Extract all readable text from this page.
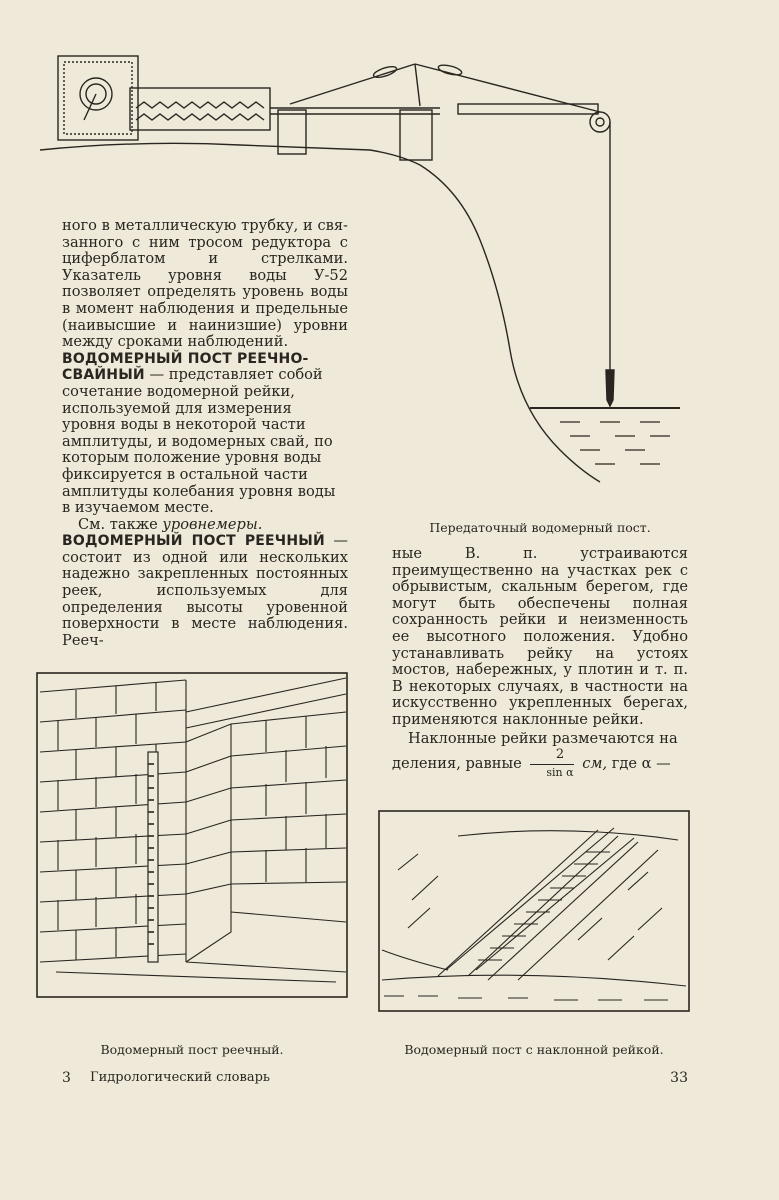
ного в металлическую трубку, и свя-занного с ним тросом редуктора с циферблатом и стрелками. Указатель уровня воды У-52 позволяет определять уровень воды в момент наблюдения и предельные (наивысшие и наинизшие) уровни между сроками наблюдений.

ВОДОМЕРНЫЙ ПОСТ РЕЕЧНО-СВАЙНЫЙ — представляет собой сочетание водомерной рейки, используемой для измерения уровня воды в некоторой части амплитуды, и водомерных свай, по которым положение уровня воды фиксируется в остальной части амплитуды колебания уровня воды в изучаемом месте.

См. также уровнемеры.

ВОДОМЕРНЫЙ ПОСТ РЕЕЧНЫЙ — состоит из одной или нескольких надежно закрепленных постоянных реек, используемых для определения высоты уровенной поверхности в месте наблюдения. Рееч-

ные В. п. устраиваются преимущественно на участках рек с обрывистым, скальным берегом, где могут быть обеспечены полная сохранность рейки и неизменность ее высотного положения. Удобно устанавливать рейку на устоях мостов, набережных, у плотин и т. п. В некоторых случаях, в частности на искусственно укрепленных берегах, применяются наклонные рейки.

Наклонные рейки размечаются на деления, равные $\frac{2}{\text{sin α}}$ см, где α —

Передаточный водомерный пост.
Водомерный пост реечный.	Водомерный пост с наклонной рейкой.
3 Гидрологический словарь	33
